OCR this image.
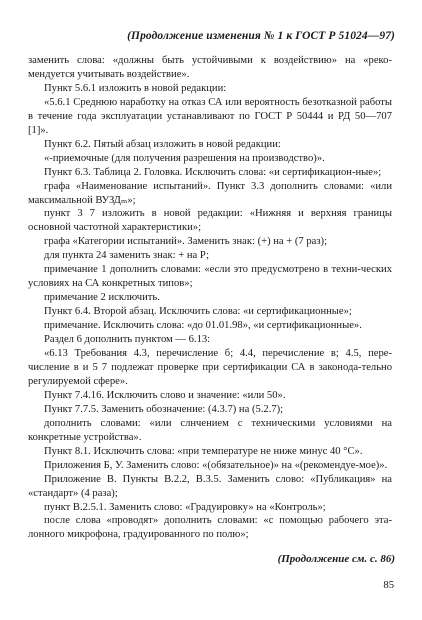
(Продолжение изменения № 1 к ГОСТ Р 51024—97)

заменить слова: «должны быть устойчивыми к воздействию» на «реко-мендуется учитывать воздействие».

Пункт 5.6.1 изложить в новой редакции:

«5.6.1 Среднюю наработку на отказ СА или вероятность безотказной работы в течение года эксплуатации устанавливают по ГОСТ Р 50444 и РД 50—707 [1]».

Пункт 6.2. Пятый абзац изложить в новой редакции:

«-приемочные (для получения разрешения на производство)».

Пункт 6.3. Таблица 2. Головка. Исключить слова: «и сертификацион-ные»;

графа «Наименование испытаний». Пункт 3.3 дополнить словами: «или максимальной ВУЗДₘ»;

пункт 3 7 изложить в новой редакции: «Нижняя и верхняя границы основной частотной характеристики»;

графа «Категории испытаний». Заменить знак: (+) на + (7 раз);

для пункта 24 заменить знак: + на Р;

примечание 1 дополнить словами: «если это предусмотрено в техни-ческих условиях на СА конкретных типов»;

примечание 2 исключить.

Пункт 6.4. Второй абзац. Исключить слова: «и сертификационные»;

примечание. Исключить слова: «до 01.01.98», «и сертификационные».

Раздел 6 дополнить пунктом — 6.13:

«6.13 Требования 4.3, перечисление б; 4.4, перечисление в; 4.5, пере-числение в и 5 7 подлежат проверке при сертификации СА в законода-тельно регулируемой сфере».

Пункт 7.4.16. Исключить слово и значение: «или 50».

Пункт 7.7.5. Заменить обозначение: (4.3.7) на (5.2.7);

дополнить словами: «или слнчением с техническими условиями на конкретные устройства».

Пункт 8.1. Исключить слова: «при температуре не ниже минус 40 °С».

Приложения Б, У. Заменить слово: «(обязательное)» на «(рекомендуе-мое)».

Приложение В. Пункты В.2.2, В.3.5. Заменить слово: «Публикация» на «стандарт» (4 раза);

пункт В.2.5.1. Заменить слово: «Градуировку» на «Контроль»;

после слова «проводят» дополнить словами: «с помощью рабочего эта-лонного микрофона, градуированного по полю»;

(Продолжение см. с. 86)
85
